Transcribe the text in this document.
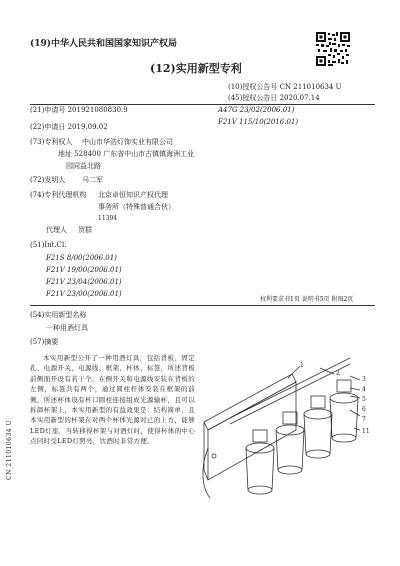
(19)中华人民共和国国家知识产权局
(12)实用新型专利
(10)授权公告号 CN 211010634 U
(45)授权公告日 2020.07.14
(21)申请号 201921080830.9
(22)申请日 2019.09.02
A47G 23/02(2006.01)
F21V 115/10(2016.01)
(73)专利权人 中山市华浩灯饰实业有限公司
地址 528400 广东省中山市古镇镇海洲工业
园同益北路
(72)发明人 马二军
(74)专利代理机构 北京卓恒知识产权代理
事务所（特殊普通合伙）
11394
代理人 贺群
(51)Int.Cl.
F21S 8/00(2006.01)
F21V 19/00(2006.01)
F21V 23/04(2006.01)
F21V 23/00(2006.01)
权利要求书1页 说明书5页 附图2页
(54)实用新型名称
一种用酒灯具
(57)摘要
本实用新型公开了一种用酒灯具，包括背板、固定孔、电源开关、电源线、框架、杯体、标签，所述背板前侧面开设有若干个，在侧开关和电源线安装在背板的左侧，标签共有两个，通过圆柱杆体安装在框架的前侧，所述杯体设有杯口圆柱连接组成光源输杯，且可以拆卸杯架上，本实用新型的有益效果是：结构简单，且本实用新型的杯架在对两个杯体光源对已的上方，能够LED灯座，当转移得杯架与对酒灯时，使得杯体的中心点同时受LED灯照亮，饮酒时非常方便。
CN 211010634 U
1
2
3
4
5
6
7
11
